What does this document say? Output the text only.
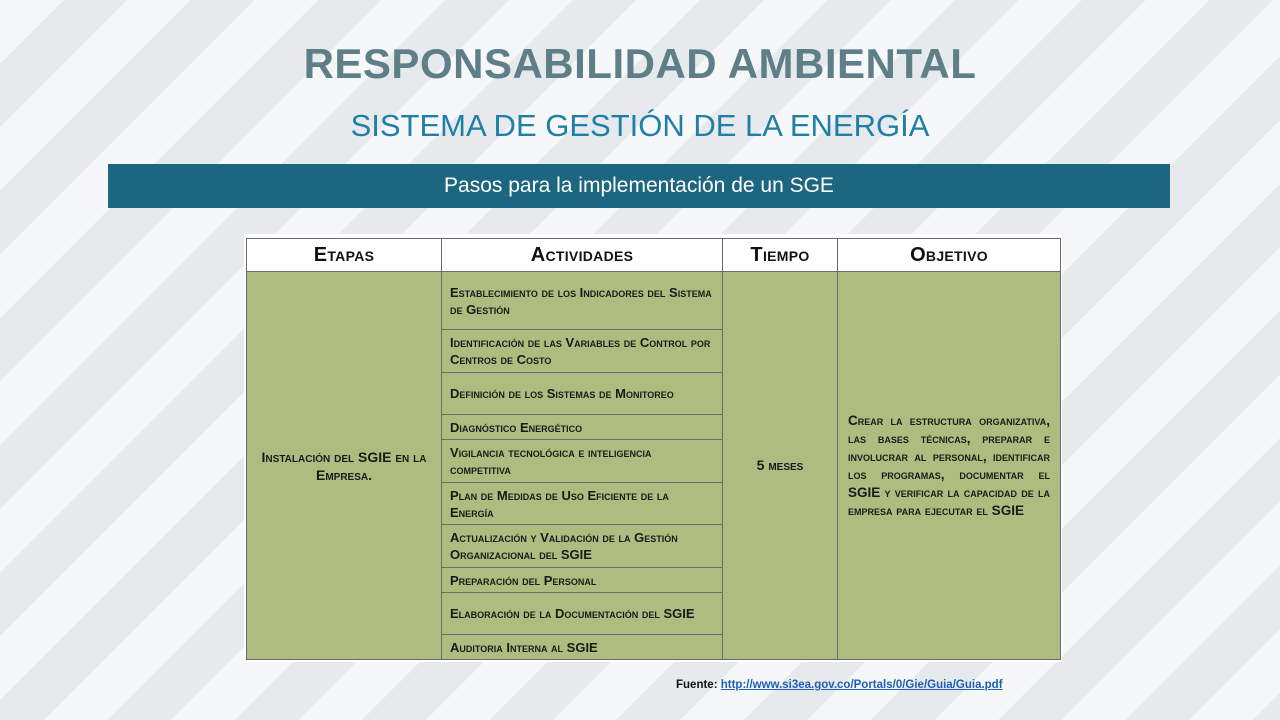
RESPONSABILIDAD AMBIENTAL
SISTEMA DE GESTIÓN DE LA ENERGÍA
Pasos para la implementación de un SGE
Etapas	Actividades	Tiempo	Objetivo
Instalación del SGIE en la Empresa.	Establecimiento de los Indicadores del Sistema de Gestión	5 meses	Crear la estructura organizativa, las bases técnicas, preparar e involucrar al personal, identificar los programas, documentar el SGIE y verificar la capacidad de la empresa para ejecutar el SGIE
	Identificación de las Variables de Control por Centros de Costo		
	Definición de los Sistemas de Monitoreo		
	Diagnóstico Energético		
	Vigilancia tecnológica e inteligencia competitiva		
	Plan de Medidas de Uso Eficiente de la Energía		
	Actualización y Validación de la Gestión Organizacional del SGIE		
	Preparación del Personal		
	Elaboración de la Documentación del SGIE		
	Auditoria Interna al SGIE		
Fuente: http://www.si3ea.gov.co/Portals/0/Gie/Guia/Guia.pdf
